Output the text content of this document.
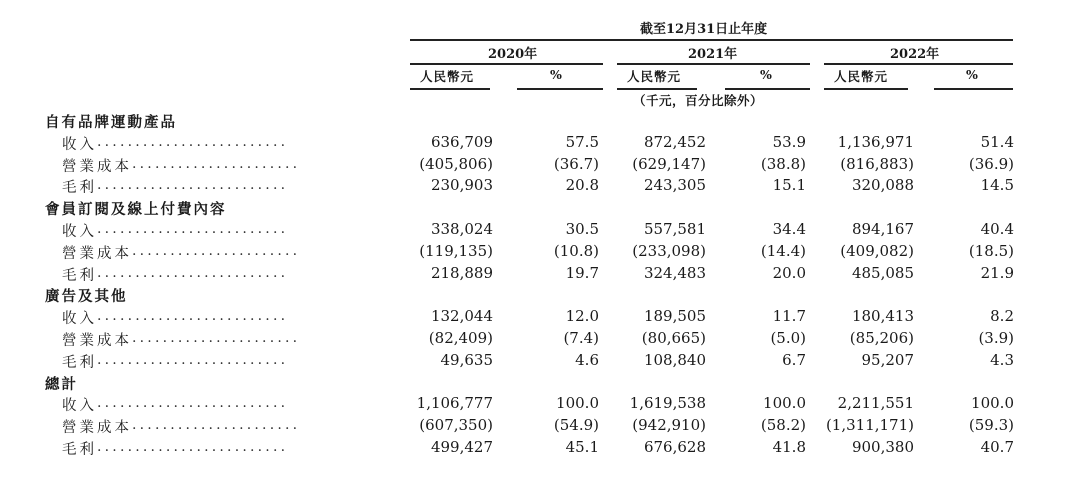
截至12月31日止年度
2020年	2021年	2022年
人民幣元	%	人民幣元	%	人民幣元	%
（千元，百分比除外）
自有品牌運動產品
收入 .........................	636,709	57.5	872,452	53.9 1,136,971	51.4
營業成本 ......................	(405,806)	(36.7) (629,147)	(38.8) (816,883)	(36.9)
毛利 .........................	230,903	20.8	243,305	15.1	320,088	14.5
會員訂閱及線上付費內容
收入 .........................	338,024	30.5	557,581	34.4	894,167	40.4
營業成本 ......................	(119,135)	(10.8) (233,098)	(14.4) (409,082)	(18.5)
毛利 .........................	218,889	19.7	324,483	20.0	485,085	21.9
廣告及其他
收入 .........................	132,044	12.0	189,505	11.7	180,413	8.2
營業成本 ......................	(82,409)	(7.4)	(80,665)	(5.0)	(85,206)	(3.9)
毛利 .........................	49,635	4.6	108,840	6.7	95,207	4.3
總計
收入 .........................	1,106,777	100.0 1,619,538	100.0 2,211,551	100.0
營業成本 ......................	(607,350)	(54.9) (942,910)	(58.2) (1,311,171)	(59.3)
毛利 .........................	499,427	45.1	676,628	41.8	900,380	40.7
